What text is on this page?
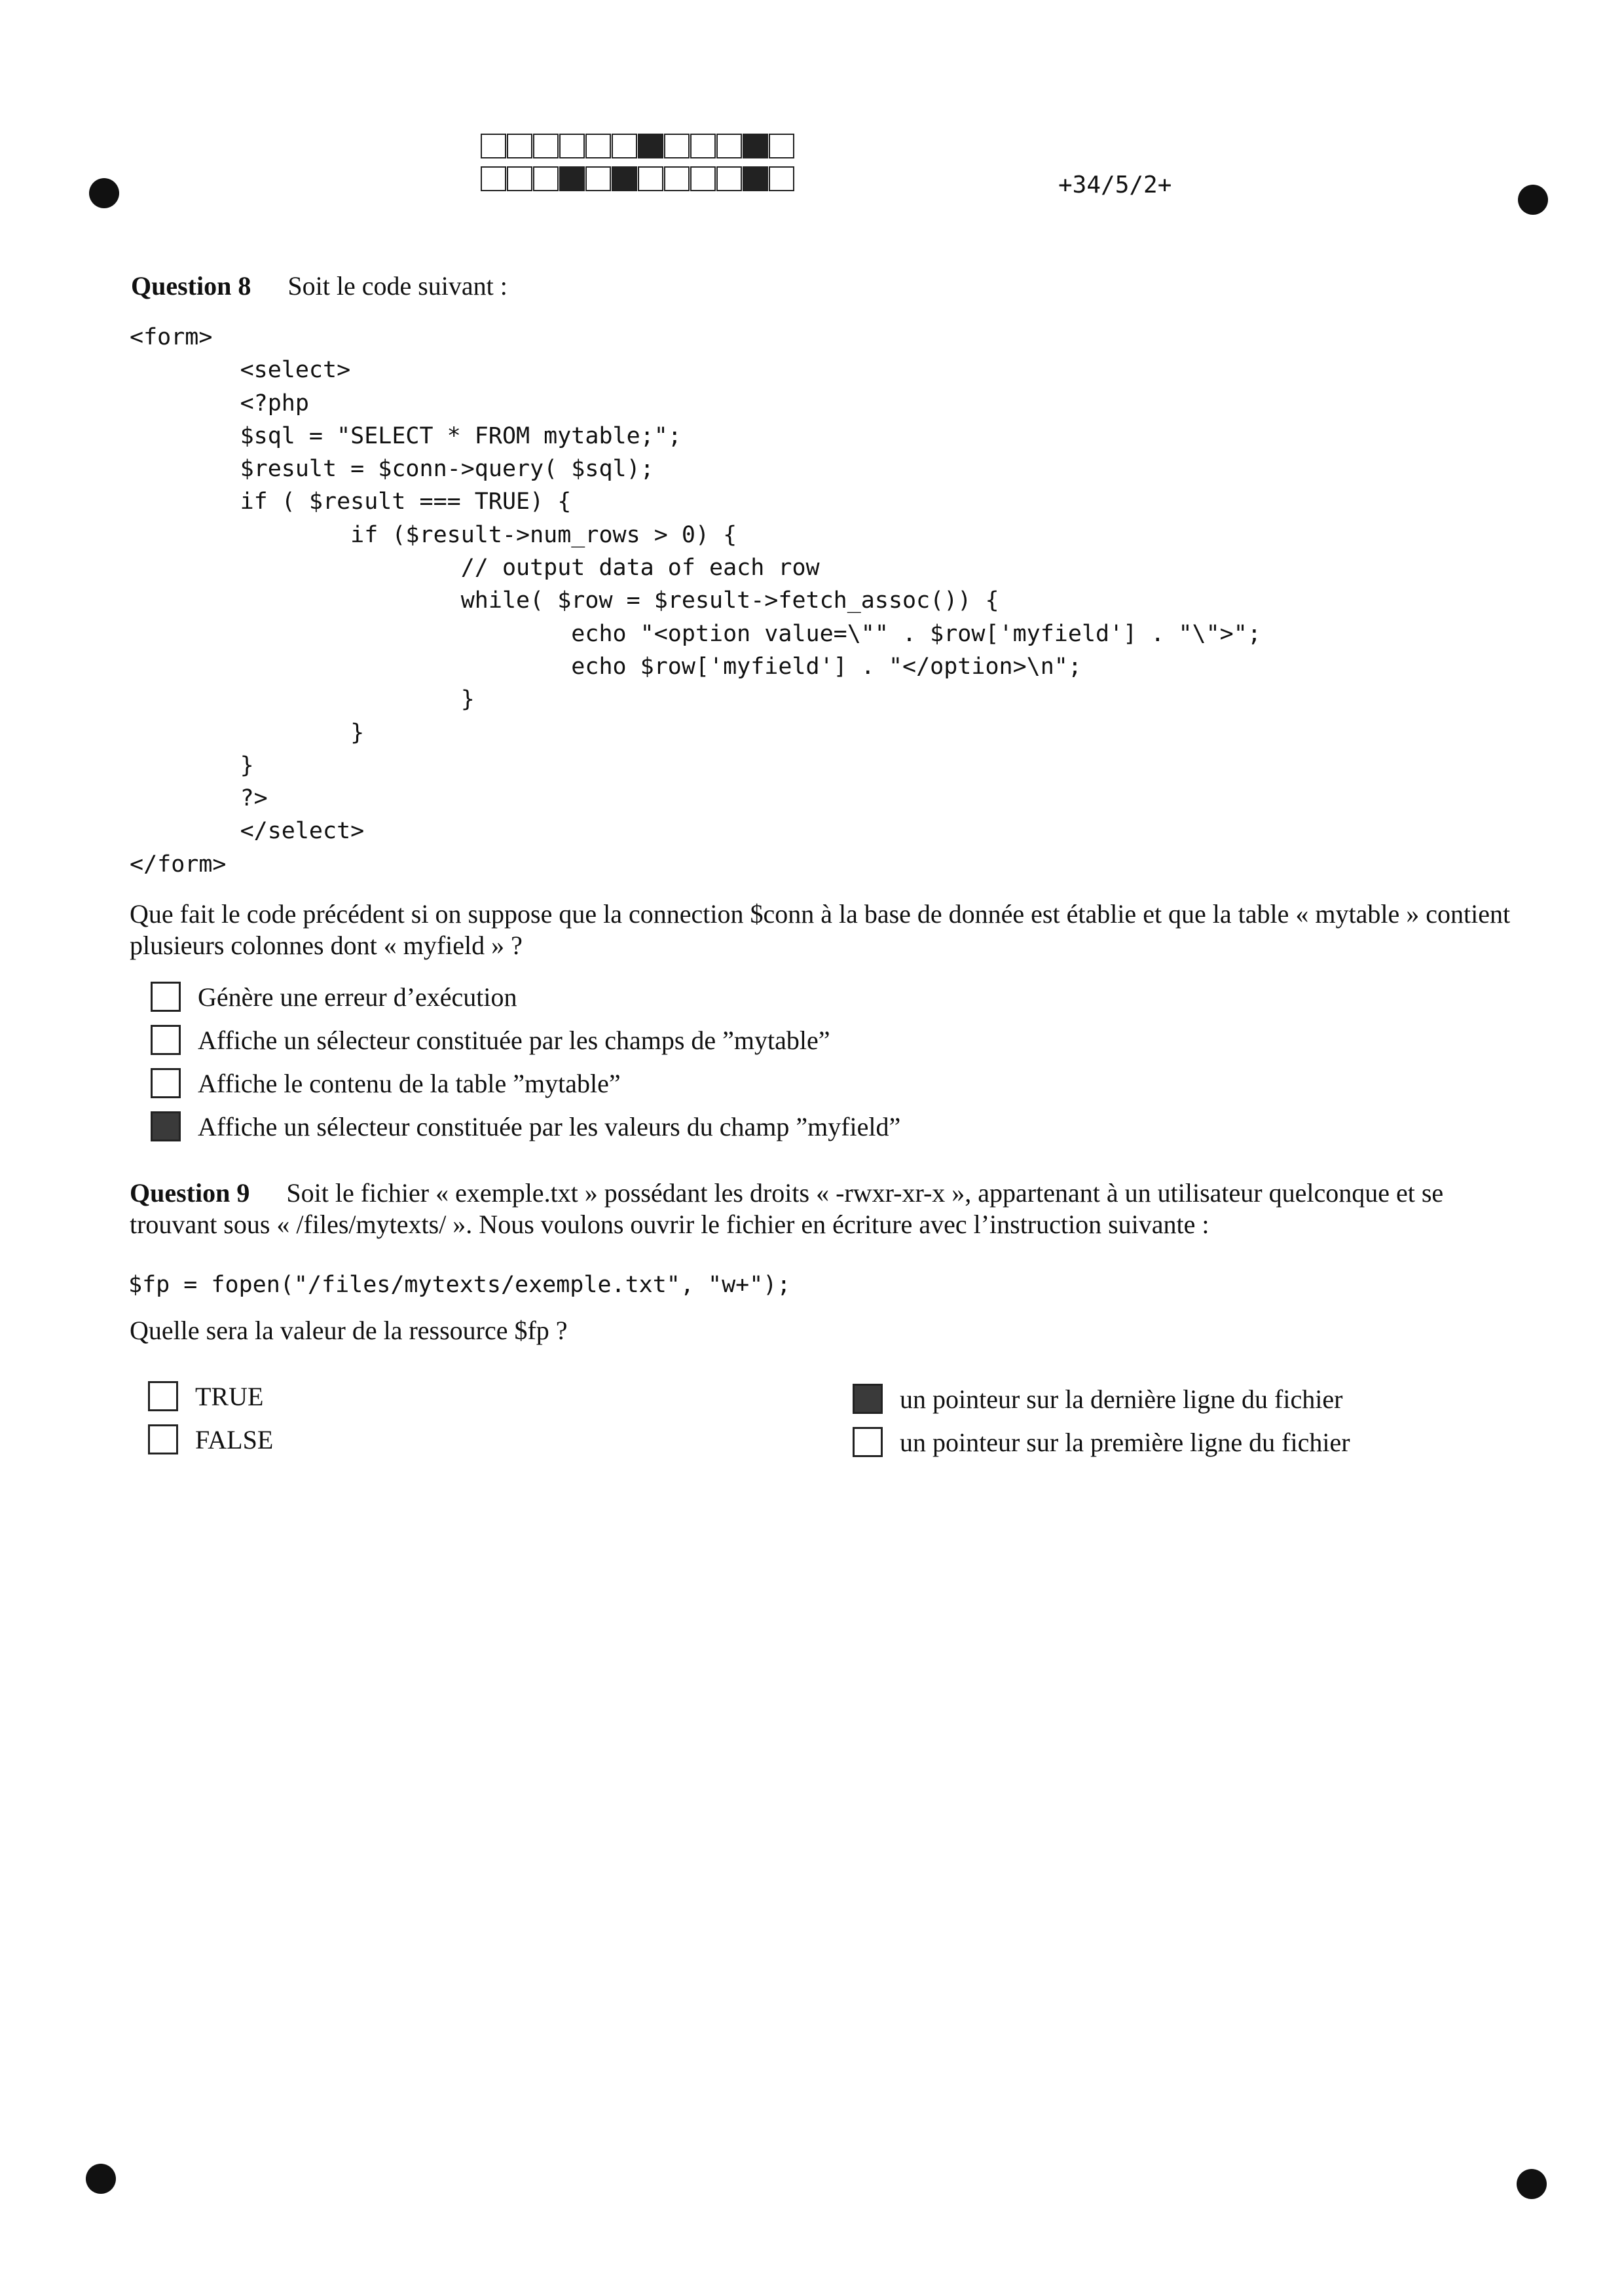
+34/5/2+
Question 8 Soit le code suivant :
<form>
<select>
<?php
$sql = "SELECT * FROM mytable;";
$result = $conn->query( $sql);
if ( $result === TRUE) {
if ($result->num_rows > 0) {
// output data of each row
while( $row = $result->fetch_assoc()) {
echo "<option value=\"" . $row['myfield'] . "\">";
echo $row['myfield'] . "</option>\n";
}
}
}
?>
</select>
</form>
Que fait le code précédent si on suppose que la connection $conn à la base de donnée est établie et que la table « mytable » contient plusieurs colonnes dont « myfield » ?
Génère une erreur d’exécution
Affiche un sélecteur constituée par les champs de ”mytable”
Affiche le contenu de la table ”mytable”
Affiche un sélecteur constituée par les valeurs du champ ”myfield”
Question 9 Soit le fichier « exemple.txt » possédant les droits « -rwxr-xr-x », appartenant à un utilisateur quelconque et se trouvant sous « /files/mytexts/ ». Nous voulons ouvrir le fichier en écriture avec l’instruction suivante :
$fp = fopen("/files/mytexts/exemple.txt", "w+");
Quelle sera la valeur de la ressource $fp ?
TRUE
FALSE
un pointeur sur la dernière ligne du fichier
un pointeur sur la première ligne du fichier
